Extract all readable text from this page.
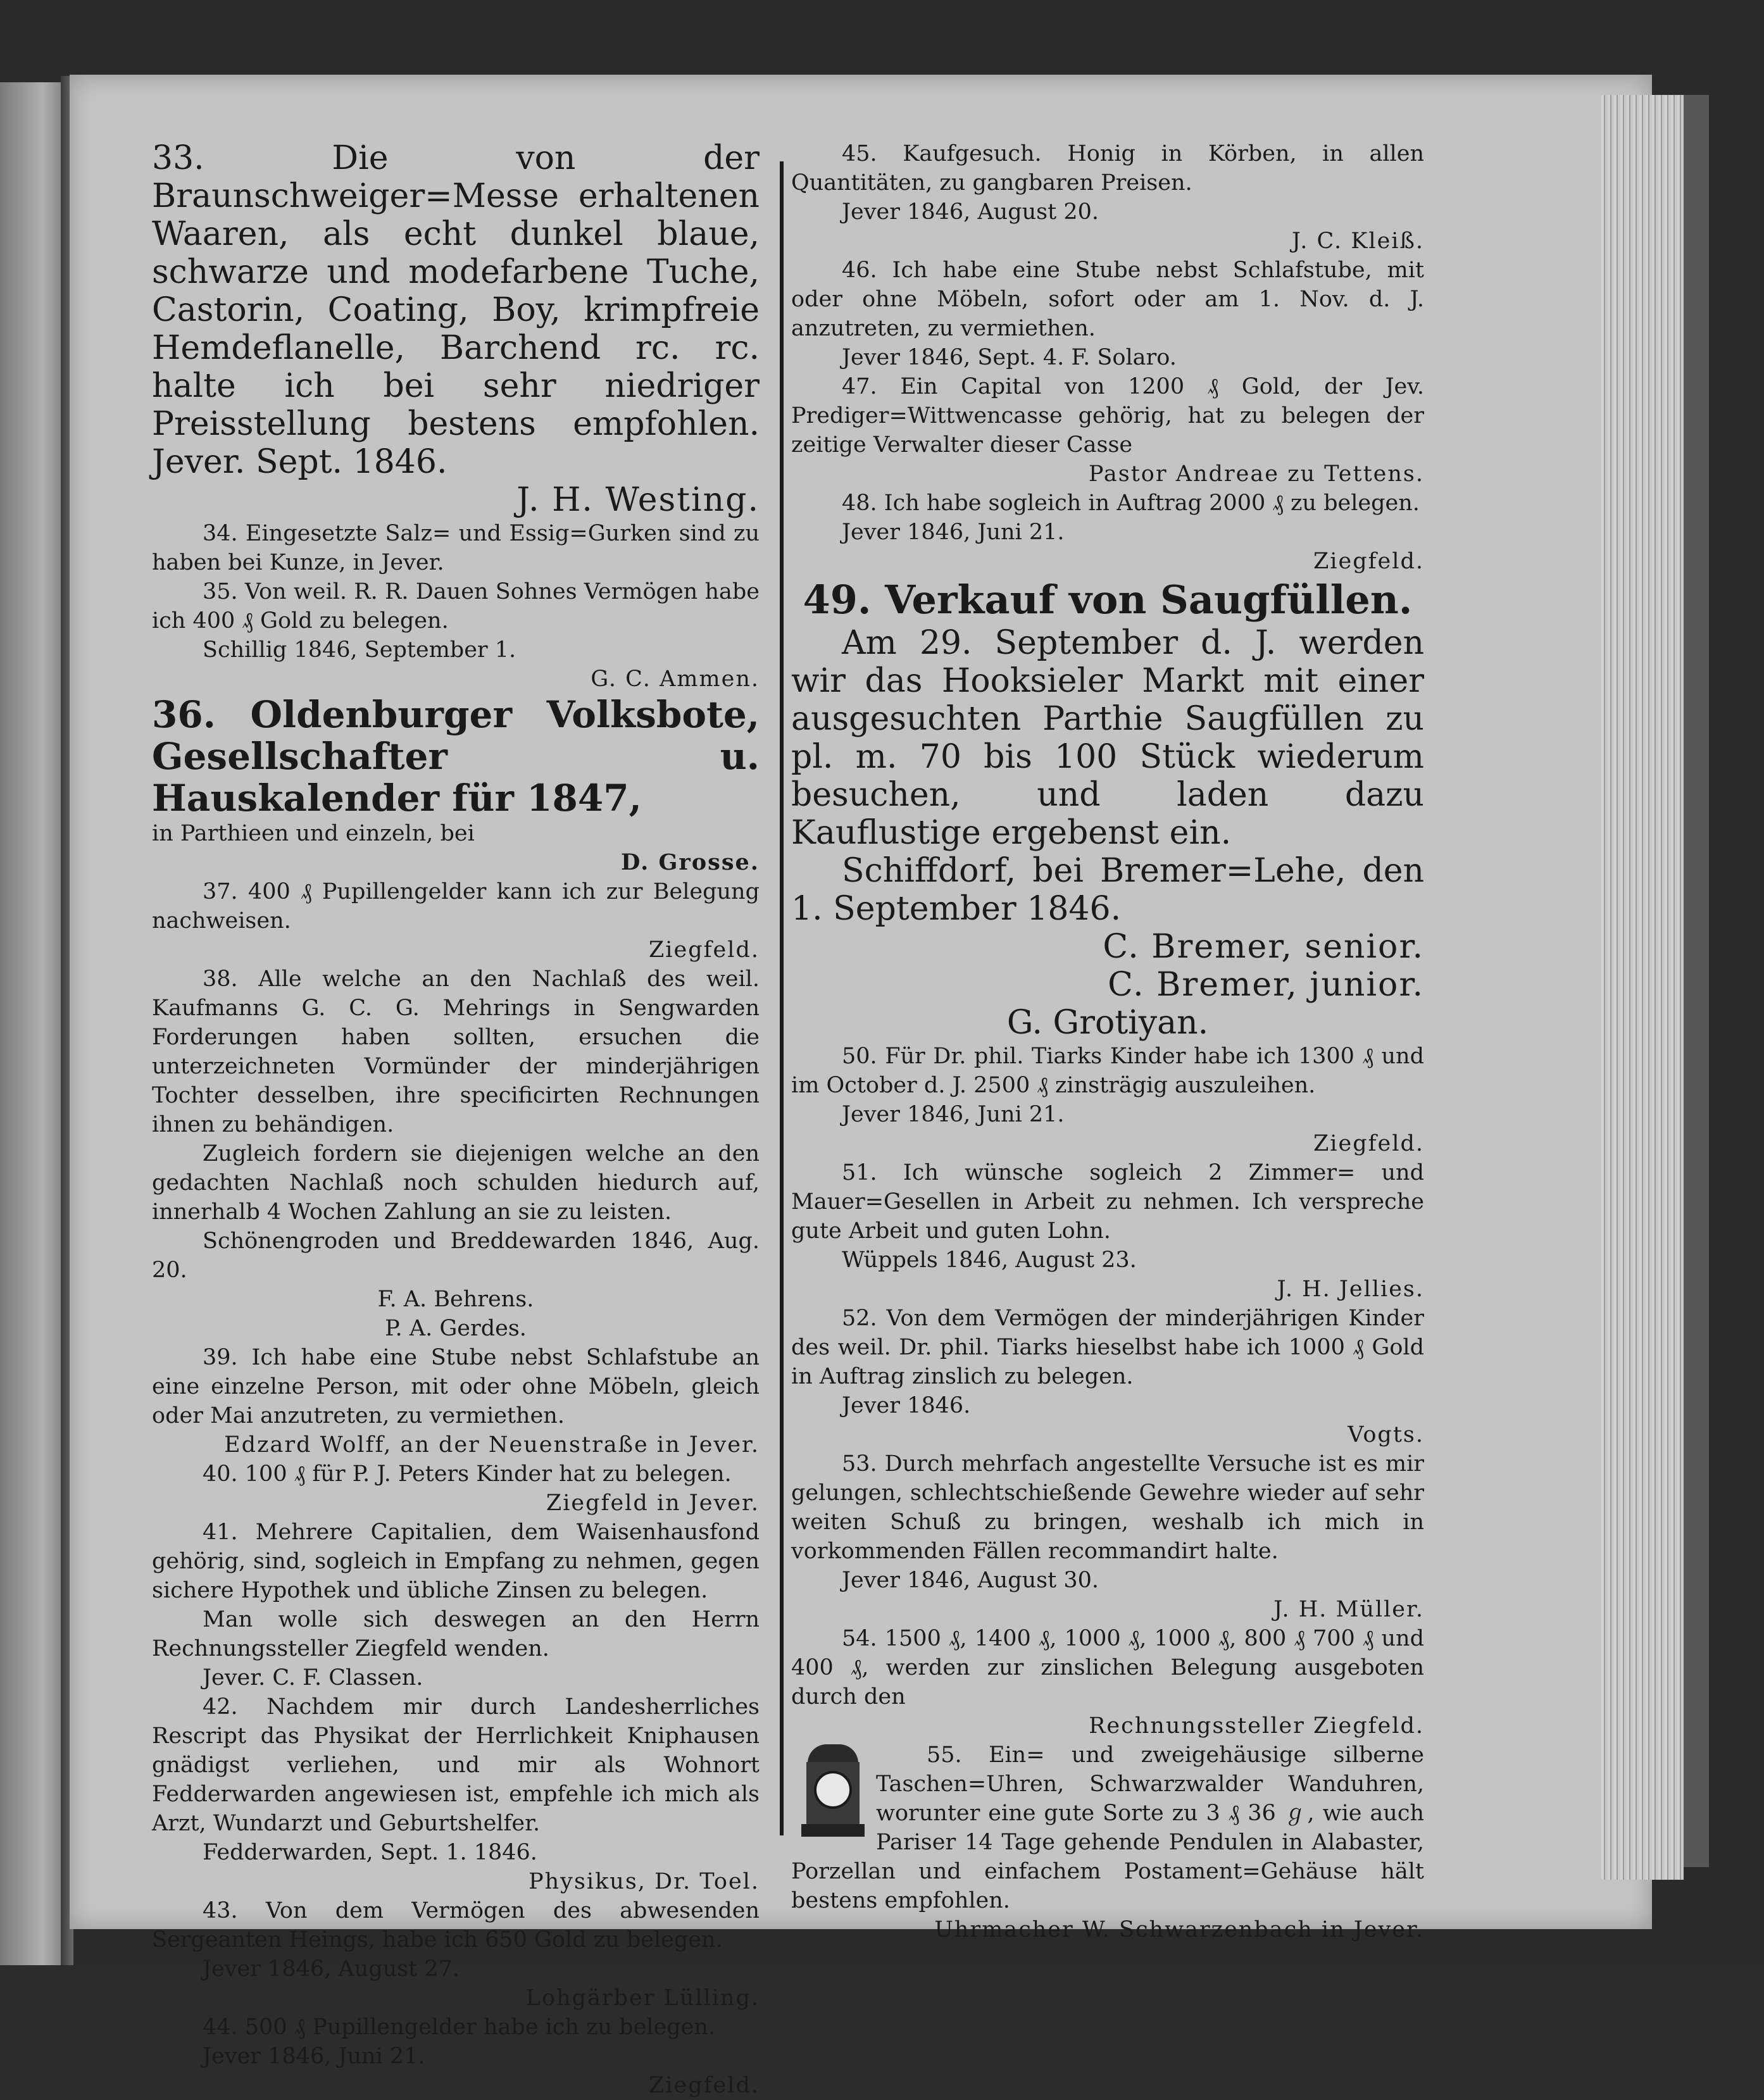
33. Die von der Braunschweiger=Messe erhaltenen Waaren, als echt dunkel blaue, schwarze und modefarbene Tuche, Castorin, Coating, Boy, krimpfreie Hemdeflanelle, Barchend rc. rc. halte ich bei sehr niedriger Preisstellung bestens empfohlen. Jever. Sept. 1846.

J. H. Westing.

34. Eingesetzte Salz= und Essig=Gurken sind zu haben bei Kunze, in Jever.

35. Von weil. R. R. Dauen Sohnes Vermögen habe ich 400 ₰ Gold zu belegen.

Schillig 1846, September 1.

G. C. Ammen.

36. Oldenburger Volksbote, Gesellschafter u. Hauskalender für 1847,

in Parthieen und einzeln, bei

D. Grosse.

37. 400 ₰ Pupillengelder kann ich zur Belegung nachweisen.

Ziegfeld.

38. Alle welche an den Nachlaß des weil. Kaufmanns G. C. G. Mehrings in Sengwarden Forderungen haben sollten, ersuchen die unterzeichneten Vormünder der minderjährigen Tochter desselben, ihre specificirten Rechnungen ihnen zu behändigen.

Zugleich fordern sie diejenigen welche an den gedachten Nachlaß noch schulden hiedurch auf, innerhalb 4 Wochen Zahlung an sie zu leisten.

Schönengroden und Breddewarden 1846, Aug. 20.

F. A. Behrens.

P. A. Gerdes.

39. Ich habe eine Stube nebst Schlafstube an eine einzelne Person, mit oder ohne Möbeln, gleich oder Mai anzutreten, zu vermiethen.

Edzard Wolff, an der Neuenstraße in Jever.

40. 100 ₰ für P. J. Peters Kinder hat zu belegen.

Ziegfeld in Jever.

41. Mehrere Capitalien, dem Waisenhausfond gehörig, sind, sogleich in Empfang zu nehmen, gegen sichere Hypothek und übliche Zinsen zu belegen.

Man wolle sich deswegen an den Herrn Rechnungssteller Ziegfeld wenden.

Jever. C. F. Classen.

42. Nachdem mir durch Landesherrliches Rescript das Physikat der Herrlichkeit Kniphausen gnädigst verliehen, und mir als Wohnort Fedderwarden angewiesen ist, empfehle ich mich als Arzt, Wundarzt und Geburtshelfer.

Fedderwarden, Sept. 1. 1846.

Physikus, Dr. Toel.

43. Von dem Vermögen des abwesenden Sergeanten Heings, habe ich 650 Gold zu belegen.

Jever 1846, August 27.

Lohgärber Lülling.

44. 500 ₰ Pupillengelder habe ich zu belegen.

Jever 1846, Juni 21.

Ziegfeld.

45. Kaufgesuch. Honig in Körben, in allen Quantitäten, zu gangbaren Preisen.

Jever 1846, August 20.

J. C. Kleiß.

46. Ich habe eine Stube nebst Schlafstube, mit oder ohne Möbeln, sofort oder am 1. Nov. d. J. anzutreten, zu vermiethen.

Jever 1846, Sept. 4. F. Solaro.

47. Ein Capital von 1200 ₰ Gold, der Jev. Prediger=Wittwencasse gehörig, hat zu belegen der zeitige Verwalter dieser Casse

Pastor Andreae zu Tettens.

48. Ich habe sogleich in Auftrag 2000 ₰ zu belegen.

Jever 1846, Juni 21.

Ziegfeld.

49. Verkauf von Saugfüllen.

Am 29. September d. J. werden wir das Hooksieler Markt mit einer ausgesuchten Parthie Saugfüllen zu pl. m. 70 bis 100 Stück wiederum besuchen, und laden dazu Kauflustige ergebenst ein.

Schiffdorf, bei Bremer=Lehe, den 1. September 1846.

C. Bremer, senior.

C. Bremer, junior.

G. Grotiyan.

50. Für Dr. phil. Tiarks Kinder habe ich 1300 ₰ und im October d. J. 2500 ₰ zinsträgig auszuleihen.

Jever 1846, Juni 21.

Ziegfeld.

51. Ich wünsche sogleich 2 Zimmer= und Mauer=Gesellen in Arbeit zu nehmen. Ich verspreche gute Arbeit und guten Lohn.

Wüppels 1846, August 23.

J. H. Jellies.

52. Von dem Vermögen der minderjährigen Kinder des weil. Dr. phil. Tiarks hieselbst habe ich 1000 ₰ Gold in Auftrag zinslich zu belegen.

Jever 1846.

Vogts.

53. Durch mehrfach angestellte Versuche ist es mir gelungen, schlechtschießende Gewehre wieder auf sehr weiten Schuß zu bringen, weshalb ich mich in vorkommenden Fällen recommandirt halte.

Jever 1846, August 30.

J. H. Müller.

54. 1500 ₰, 1400 ₰, 1000 ₰, 1000 ₰, 800 ₰ 700 ₰ und 400 ₰, werden zur zinslichen Belegung ausgeboten durch den

Rechnungssteller Ziegfeld.

55. Ein= und zweigehäusige silberne Taschen=Uhren, Schwarzwalder Wanduhren, worunter eine gute Sorte zu 3 ₰ 36 ℊ, wie auch Pariser 14 Tage gehende Pendulen in Alabaster, Porzellan und einfachem Postament=Gehäuse hält bestens empfohlen.

Uhrmacher W. Schwarzenbach in Jever.
